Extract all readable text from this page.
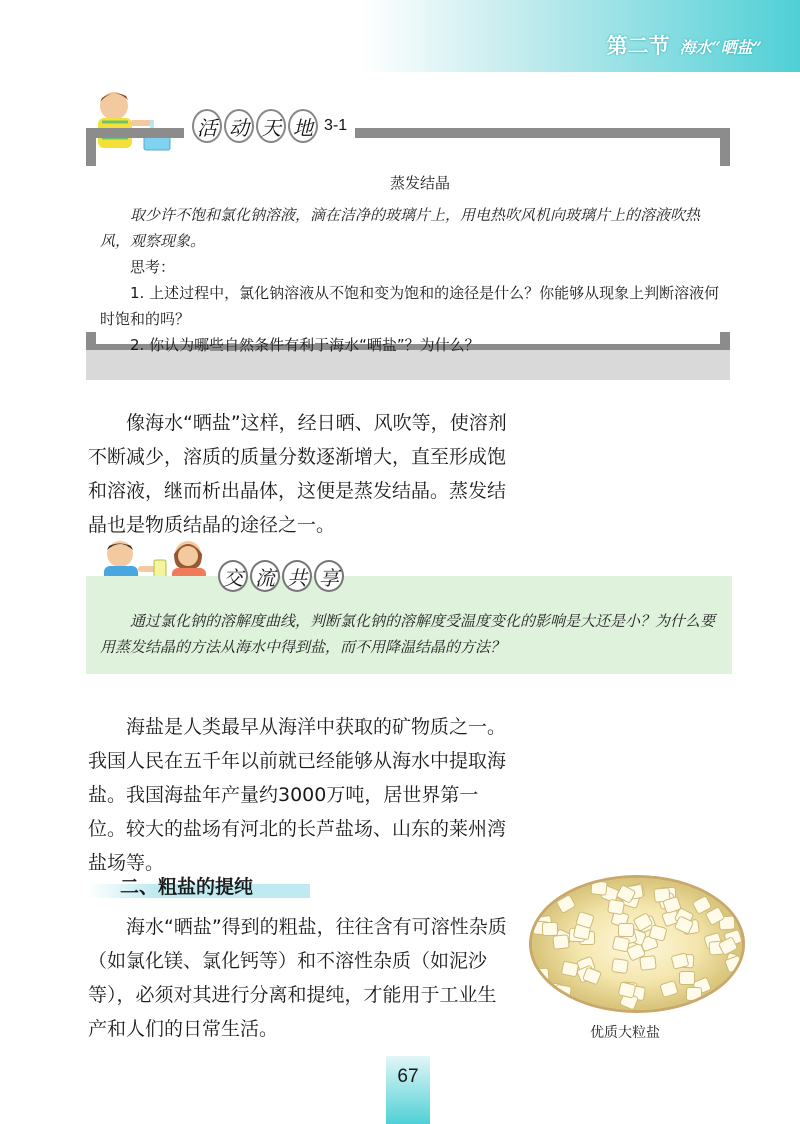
第二节 海水“晒盐”
活 动 天 地 3-1

蒸发结晶

取少许不饱和氯化钠溶液，滴在洁净的玻璃片上，用电热吹风机向玻璃片上的溶液吹热风，观察现象。

思考：

1. 上述过程中，氯化钠溶液从不饱和变为饱和的途径是什么？你能够从现象上判断溶液何时饱和的吗？

2. 你认为哪些自然条件有利于海水“晒盐”？为什么？

像海水“晒盐”这样，经日晒、风吹等，使溶剂不断减少，溶质的质量分数逐渐增大，直至形成饱和溶液，继而析出晶体，这便是蒸发结晶。蒸发结晶也是物质结晶的途径之一。

交 流 共 享

通过氯化钠的溶解度曲线，判断氯化钠的溶解度受温度变化的影响是大还是小？为什么要用蒸发结晶的方法从海水中得到盐，而不用降温结晶的方法？

海盐是人类最早从海洋中获取的矿物质之一。我国人民在五千年以前就已经能够从海水中提取海盐。我国海盐年产量约3000万吨，居世界第一位。较大的盐场有河北的长芦盐场、山东的莱州湾盐场等。

二、粗盐的提纯

海水“晒盐”得到的粗盐，往往含有可溶性杂质（如氯化镁、氯化钙等）和不溶性杂质（如泥沙等），必须对其进行分离和提纯，才能用于工业生产和人们的日常生活。	优质大粒盐

67
